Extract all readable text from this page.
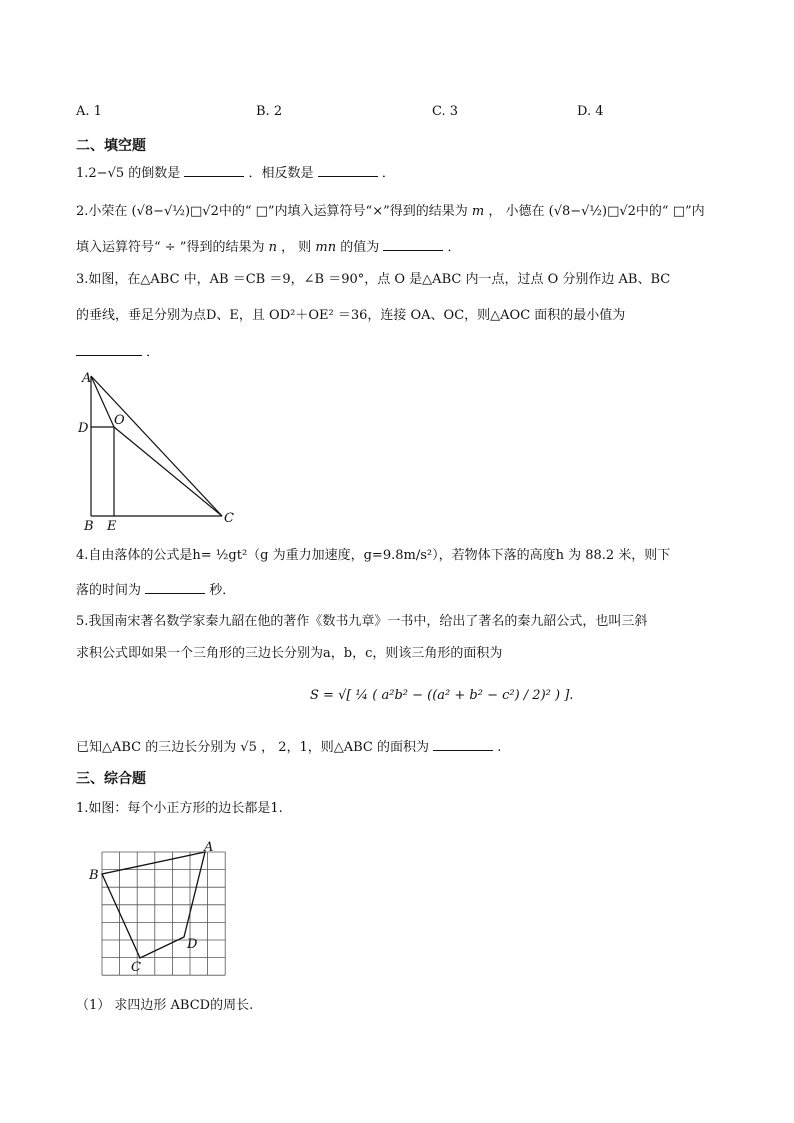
A. 1	B. 2	C. 3	D. 4
二、填空题
1.2−√5 的倒数是	．相反数是	．
2.小荣在 (√8−√½)□√2中的“ □”内填入运算符号“×”得到的结果为 m ， 小德在 (√8−√½)□√2中的“ □”内
填入运算符号“ ÷ ”得到的结果为 n ， 则 mn 的值为	．
3.如图，在△ABC 中，AB ＝CB ＝9，∠B ＝90°，点 O 是△ABC 内一点，过点 O 分别作边 AB、BC
的垂线，垂足分别为点D、E，且 OD²＋OE² ＝36，连接 OA、OC，则△AOC 面积的最小值为
．
A
D
O
B E
C
4.自由落体的公式是h= ½gt²（g 为重力加速度，g=9.8m/s²），若物体下落的高度h 为 88.2 米，则下
落的时间为	秒．
5.我国南宋著名数学家秦九韶在他的著作《数书九章》一书中，给出了著名的秦九韶公式，也叫三斜
求积公式即如果一个三角形的三边长分别为a，b，c，则该三角形的面积为
S = √[ ¼ ( a²b² − ((a² + b² − c²) / 2)² ) ].
已知△ABC 的三边长分别为 √5 ， 2，1，则△ABC 的面积为	.
三、综合题
1.如图：每个小正方形的边长都是1.
A
B
C
D
（1） 求四边形 ABCD的周长.
